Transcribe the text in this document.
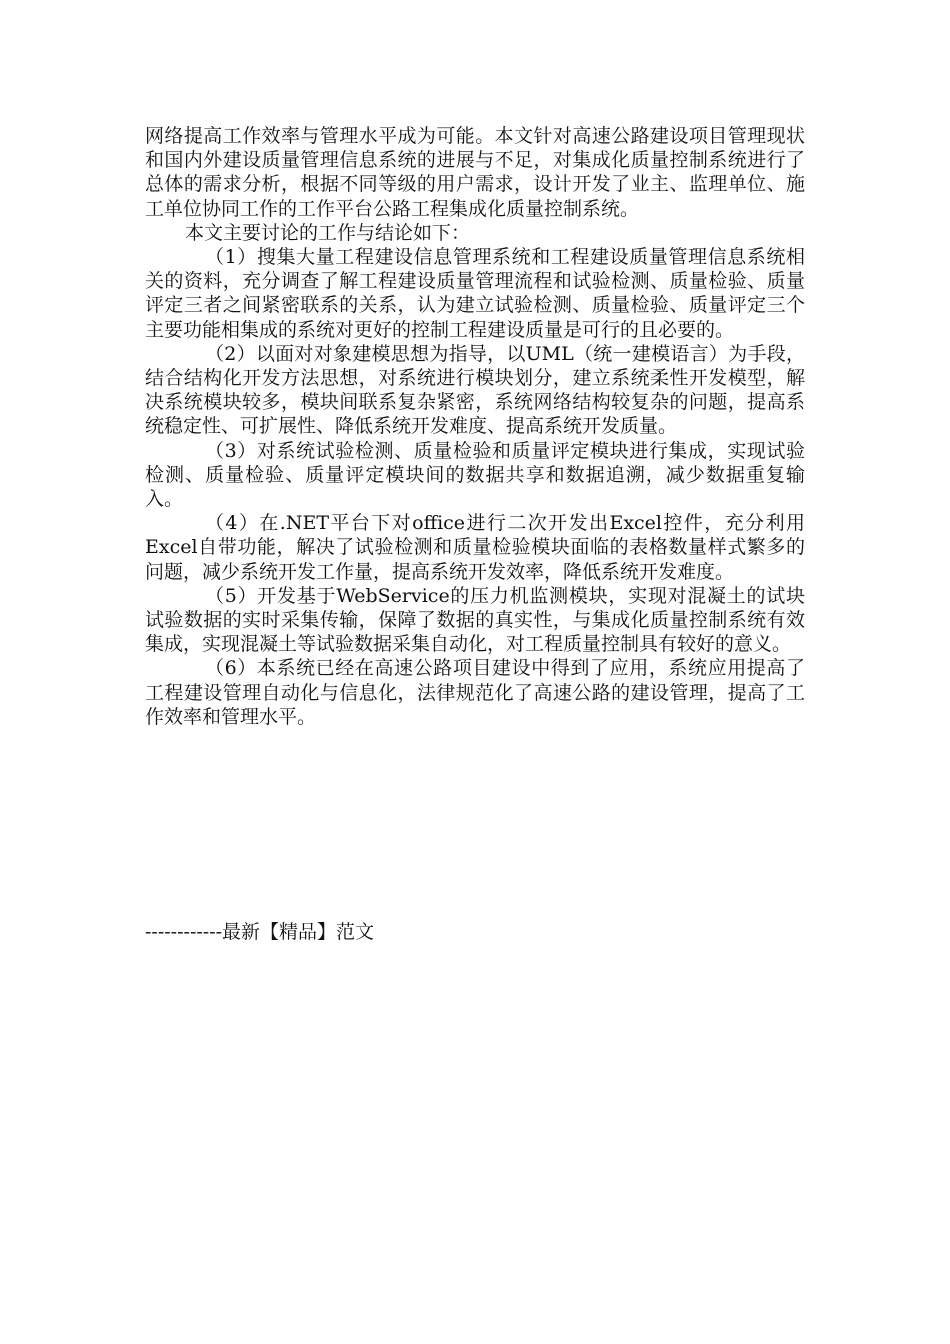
网络提高工作效率与管理水平成为可能。本文针对高速公路建设项目管理现状和国内外建设质量管理信息系统的进展与不足，对集成化质量控制系统进行了总体的需求分析，根据不同等级的用户需求，设计开发了业主、监理单位、施工单位协同工作的工作平台公路工程集成化质量控制系统。

本文主要讨论的工作与结论如下：

（1）搜集大量工程建设信息管理系统和工程建设质量管理信息系统相关的资料，充分调查了解工程建设质量管理流程和试验检测、质量检验、质量评定三者之间紧密联系的关系，认为建立试验检测、质量检验、质量评定三个主要功能相集成的系统对更好的控制工程建设质量是可行的且必要的。

（2）以面对对象建模思想为指导，以UML（统一建模语言）为手段，结合结构化开发方法思想，对系统进行模块划分，建立系统柔性开发模型，解决系统模块较多，模块间联系复杂紧密，系统网络结构较复杂的问题，提高系统稳定性、可扩展性、降低系统开发难度、提高系统开发质量。

（3）对系统试验检测、质量检验和质量评定模块进行集成，实现试验检测、质量检验、质量评定模块间的数据共享和数据追溯，减少数据重复输入。

（4）在.NET平台下对office进行二次开发出Excel控件，充分利用Excel自带功能，解决了试验检测和质量检验模块面临的表格数量样式繁多的问题，减少系统开发工作量，提高系统开发效率，降低系统开发难度。

（5）开发基于WebService的压力机监测模块，实现对混凝土的试块试验数据的实时采集传输，保障了数据的真实性，与集成化质量控制系统有效集成，实现混凝土等试验数据采集自动化，对工程质量控制具有较好的意义。

（6）本系统已经在高速公路项目建设中得到了应用，系统应用提高了工程建设管理自动化与信息化，法律规范化了高速公路的建设管理，提高了工作效率和管理水平。

------------最新【精品】范文
